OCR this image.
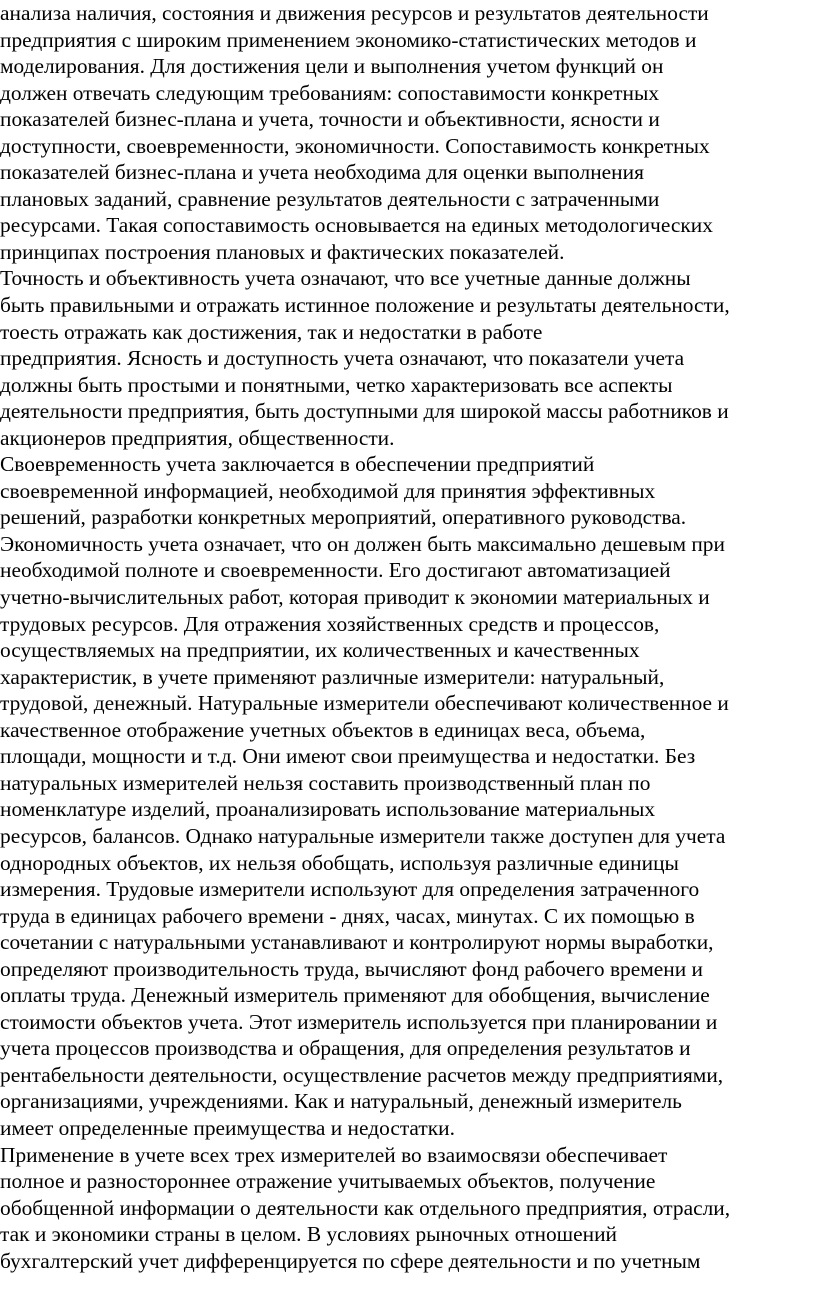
анализа наличия, состояния и движения ресурсов и результатов деятельности
предприятия с широким применением экономико-статистических методов и
моделирования. Для достижения цели и выполнения учетом функций он
должен отвечать следующим требованиям: сопоставимости конкретных
показателей бизнес-плана и учета, точности и объективности, ясности и
доступности, своевременности, экономичности. Сопоставимость конкретных
показателей бизнес-плана и учета необходима для оценки выполнения
плановых заданий, сравнение результатов деятельности с затраченными
ресурсами. Такая сопоставимость основывается на единых методологических
принципах построения плановых и фактических показателей.
Точность и объективность учета означают, что все учетные данные должны
быть правильными и отражать истинное положение и результаты деятельности,
тоесть отражать как достижения, так и недостатки в работе
предприятия. Ясность и доступность учета означают, что показатели учета
должны быть простыми и понятными, четко характеризовать все аспекты
деятельности предприятия, быть доступными для широкой массы работников и
акционеров предприятия, общественности.
Своевременность учета заключается в обеспечении предприятий
своевременной информацией, необходимой для принятия эффективных
решений, разработки конкретных мероприятий, оперативного руководства.
Экономичность учета означает, что он должен быть максимально дешевым при
необходимой полноте и своевременности. Его достигают автоматизацией
учетно-вычислительных работ, которая приводит к экономии материальных и
трудовых ресурсов. Для отражения хозяйственных средств и процессов,
осуществляемых на предприятии, их количественных и качественных
характеристик, в учете применяют различные измерители: натуральный,
трудовой, денежный. Натуральные измерители обеспечивают количественное и
качественное отображение учетных объектов в единицах веса, объема,
площади, мощности и т.д. Они имеют свои преимущества и недостатки. Без
натуральных измерителей нельзя составить производственный план по
номенклатуре изделий, проанализировать использование материальных
ресурсов, балансов. Однако натуральные измерители также доступен для учета
однородных объектов, их нельзя обобщать, используя различные единицы
измерения. Трудовые измерители используют для определения затраченного
труда в единицах рабочего времени - днях, часах, минутах. С их помощью в
сочетании с натуральными устанавливают и контролируют нормы выработки,
определяют производительность труда, вычисляют фонд рабочего времени и
оплаты труда. Денежный измеритель применяют для обобщения, вычисление
стоимости объектов учета. Этот измеритель используется при планировании и
учета процессов производства и обращения, для определения результатов и
рентабельности деятельности, осуществление расчетов между предприятиями,
организациями, учреждениями. Как и натуральный, денежный измеритель
имеет определенные преимущества и недостатки.
Применение в учете всех трех измерителей во взаимосвязи обеспечивает
полное и разностороннее отражение учитываемых объектов, получение
обобщенной информации о деятельности как отдельного предприятия, отрасли,
так и экономики страны в целом. В условиях рыночных отношений
бухгалтерский учет дифференцируется по сфере деятельности и по учетным
